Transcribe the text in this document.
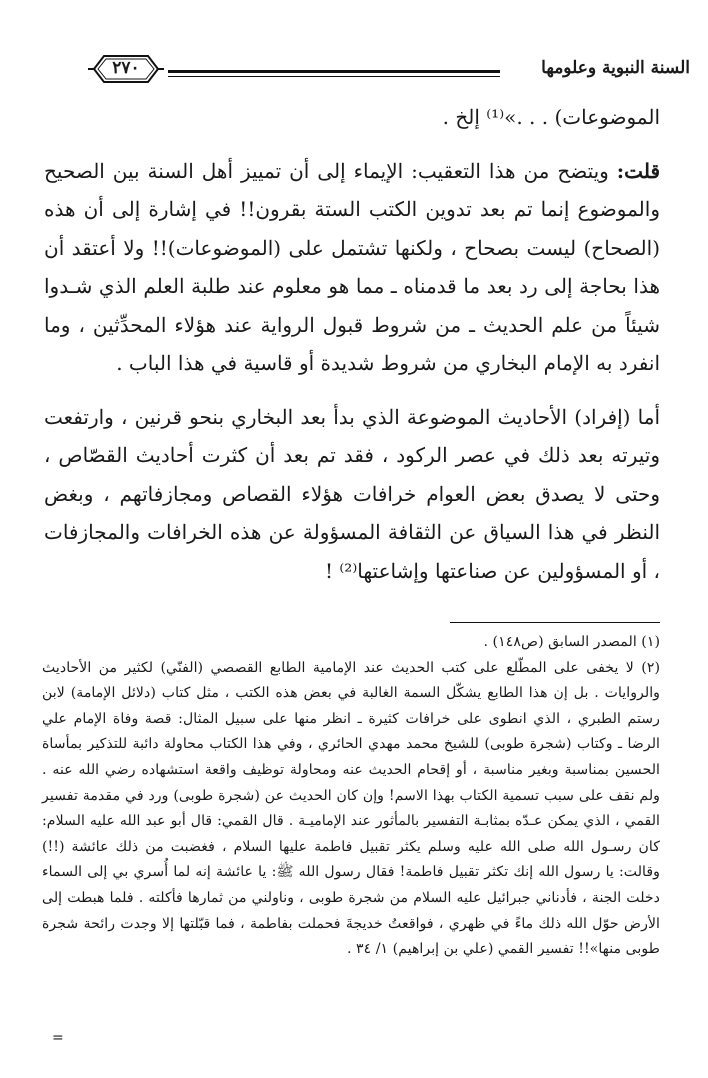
السنة النبوية وعلومها
٢٧٠

الموضوعات) . . .»⁽¹⁾ إلخ .

قلت: ويتضح من هذا التعقيب: الإيماء إلى أن تمييز أهل السنة بين الصحيح والموضوع إنما تم بعد تدوين الكتب الستة بقرون!! في إشارة إلى أن هذه (الصحاح) ليست بصحاح ، ولكنها تشتمل على (الموضوعات)!! ولا أعتقد أن هذا بحاجة إلى رد بعد ما قدمناه ـ مما هو معلوم عند طلبة العلم الذي شـدوا شيئاً من علم الحديث ـ من شروط قبول الرواية عند هؤلاء المحدِّثين ، وما انفرد به الإمام البخاري من شروط شديدة أو قاسية في هذا الباب .

أما (إفراد) الأحاديث الموضوعة الذي بدأ بعد البخاري بنحو قرنين ، وارتفعت وتيرته بعد ذلك في عصر الركود ، فقد تم بعد أن كثرت أحاديث القصّاص ، وحتى لا يصدق بعض العوام خرافات هؤلاء القصاص ومجازفاتهم ، وبغض النظر في هذا السياق عن الثقافة المسؤولة عن هذه الخرافات والمجازفات ، أو المسؤولين عن صناعتها وإشاعتها⁽²⁾ !

(١) المصدر السابق (ص١٤٨) .

(٢) لا يخفى على المطّلع على كتب الحديث عند الإمامية الطابع القصصي (الفنّي) لكثير من الأحاديث والروايات . بل إن هذا الطابع يشكّل السمة الغالبة في بعض هذه الكتب ، مثل كتاب (دلائل الإمامة) لابن رستم الطبري ، الذي انطوى على خرافات كثيرة ـ انظر منها على سبيل المثال: قصة وفاة الإمام علي الرضا ـ وكتاب (شجرة طوبى) للشيخ محمد مهدي الحائري ، وفي هذا الكتاب محاولة دائبة للتذكير بمأساة الحسين بمناسبة وبغير مناسبة ، أو إقحام الحديث عنه ومحاولة توظيف واقعة استشهاده رضي الله عنه . ولم نقف على سبب تسمية الكتاب بهذا الاسم! وإن كان الحديث عن (شجرة طوبى) ورد في مقدمة تفسير القمي ، الذي يمكن عـدّه بمثابـة التفسير بالمأثور عند الإماميـة . قال القمي: قال أبو عبد الله عليه السلام: كان رسـول الله صلى الله عليه وسلم يكثر تقبيل فاطمة عليها السلام ، فغضبت من ذلك عائشة (!!) وقالت: يا رسول الله إنك تكثر تقبيل فاطمة! فقال رسول الله ﷺ: يا عائشة إنه لما أُسري بي إلى السماء دخلت الجنة ، فأدناني جبرائيل عليه السلام من شجرة طوبى ، وناولني من ثمارها فأكلته . فلما هبطت إلى الأرض حوّل الله ذلك ماءً في ظهري ، فواقعتُ خديجةَ فحملت بفاطمة ، فما قبّلتها إلا وجدت رائحة شجرة طوبى منها»!! تفسير القمي (علي بن إبراهيم) ١/ ٣٤ .

=
